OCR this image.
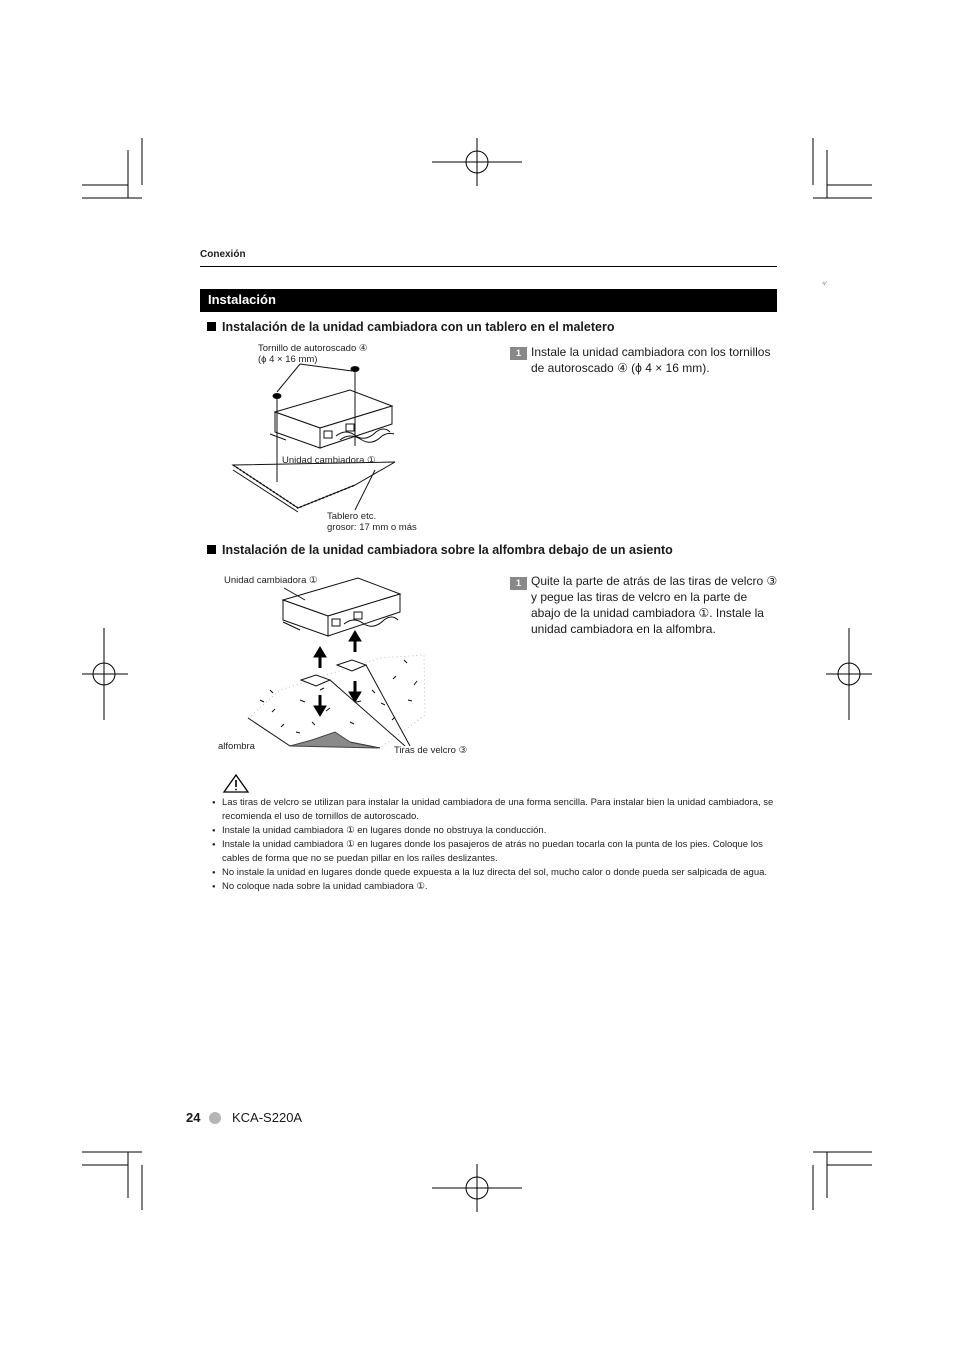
⁴⁄
Conexión
Instalación
Instalación de la unidad cambiadora con un tablero en el maletero
Tornillo de autoroscado ④
(ϕ 4 × 16 mm)
Unidad cambiadora ①
Tablero etc.
grosor: 17 mm o más
1 Instale la unidad cambiadora con los tornillos de autoroscado ④ (ϕ 4 × 16 mm).
Instalación de la unidad cambiadora sobre la alfombra debajo de un asiento
Unidad cambiadora ①
alfombra	Tiras de velcro ③
1 Quite la parte de atrás de las tiras de velcro ③ y pegue las tiras de velcro en la parte de abajo de la unidad cambiadora ①. Instale la unidad cambiadora en la alfombra.

● Las tiras de velcro se utilizan para instalar la unidad cambiadora de una forma sencilla. Para instalar bien la unidad cambiadora, se recomienda el uso de tornillos de autoroscado.

● Instale la unidad cambiadora ① en lugares donde no obstruya la conducción.

● Instale la unidad cambiadora ① en lugares donde los pasajeros de atrás no puedan tocarla con la punta de los pies. Coloque los cables de forma que no se puedan pillar en los raíles deslizantes.

● No instale la unidad en lugares donde quede expuesta a la luz directa del sol, mucho calor o donde pueda ser salpicada de agua.

● No coloque nada sobre la unidad cambiadora ①.

24 KCA-S220A
